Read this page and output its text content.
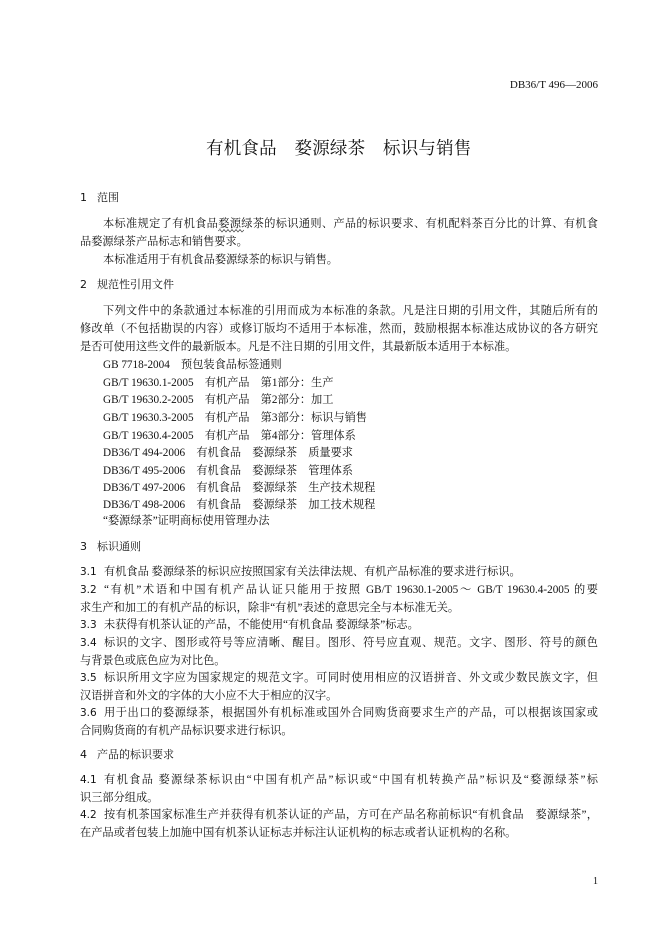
DB36/T 496—2006
有机食品　婺源绿茶　标识与销售
1 范围
本标准规定了有机食品婺源绿茶的标识通则、产品的标识要求、有机配料茶百分比的计算、有机食
品婺源绿茶产品标志和销售要求。
本标准适用于有机食品婺源绿茶的标识与销售。
2 规范性引用文件
下列文件中的条款通过本标准的引用而成为本标准的条款。凡是注日期的引用文件，其随后所有的
修改单（不包括勘误的内容）或修订版均不适用于本标准，然而，鼓励根据本标准达成协议的各方研究
是否可使用这些文件的最新版本。凡是不注日期的引用文件，其最新版本适用于本标准。
GB 7718-2004　预包装食品标签通则
GB/T 19630.1-2005　有机产品　第1部分：生产
GB/T 19630.2-2005　有机产品　第2部分：加工
GB/T 19630.3-2005　有机产品　第3部分：标识与销售
GB/T 19630.4-2005　有机产品　第4部分：管理体系
DB36/T 494-2006　有机食品　婺源绿茶　质量要求
DB36/T 495-2006　有机食品　婺源绿茶　管理体系
DB36/T 497-2006　有机食品　婺源绿茶　生产技术规程
DB36/T 498-2006　有机食品　婺源绿茶　加工技术规程
“婺源绿茶”证明商标使用管理办法
3 标识通则
3.1 有机食品 婺源绿茶的标识应按照国家有关法律法规、有机产品标准的要求进行标识。
3.2 “有机”术语和中国有机产品认证只能用于按照 GB/T 19630.1-2005～ GB/T 19630.4-2005 的要
求生产和加工的有机产品的标识，除非“有机”表述的意思完全与本标准无关。
3.3 未获得有机茶认证的产品，不能使用“有机食品 婺源绿茶”标志。
3.4 标识的文字、图形或符号等应清晰、醒目。图形、符号应直观、规范。文字、图形、符号的颜色
与背景色或底色应为对比色。
3.5 标识所用文字应为国家规定的规范文字。可同时使用相应的汉语拼音、外文或少数民族文字，但
汉语拼音和外文的字体的大小应不大于相应的汉字。
3.6 用于出口的婺源绿茶，根据国外有机标准或国外合同购货商要求生产的产品，可以根据该国家或
合同购货商的有机产品标识要求进行标识。
4 产品的标识要求
4.1 有机食品 婺源绿茶标识由“中国有机产品”标识或“中国有机转换产品”标识及“婺源绿茶”标
识三部分组成。
4.2 按有机茶国家标准生产并获得有机茶认证的产品，方可在产品名称前标识“有机食品　婺源绿茶”，
在产品或者包装上加施中国有机茶认证标志并标注认证机构的标志或者认证机构的名称。
1
